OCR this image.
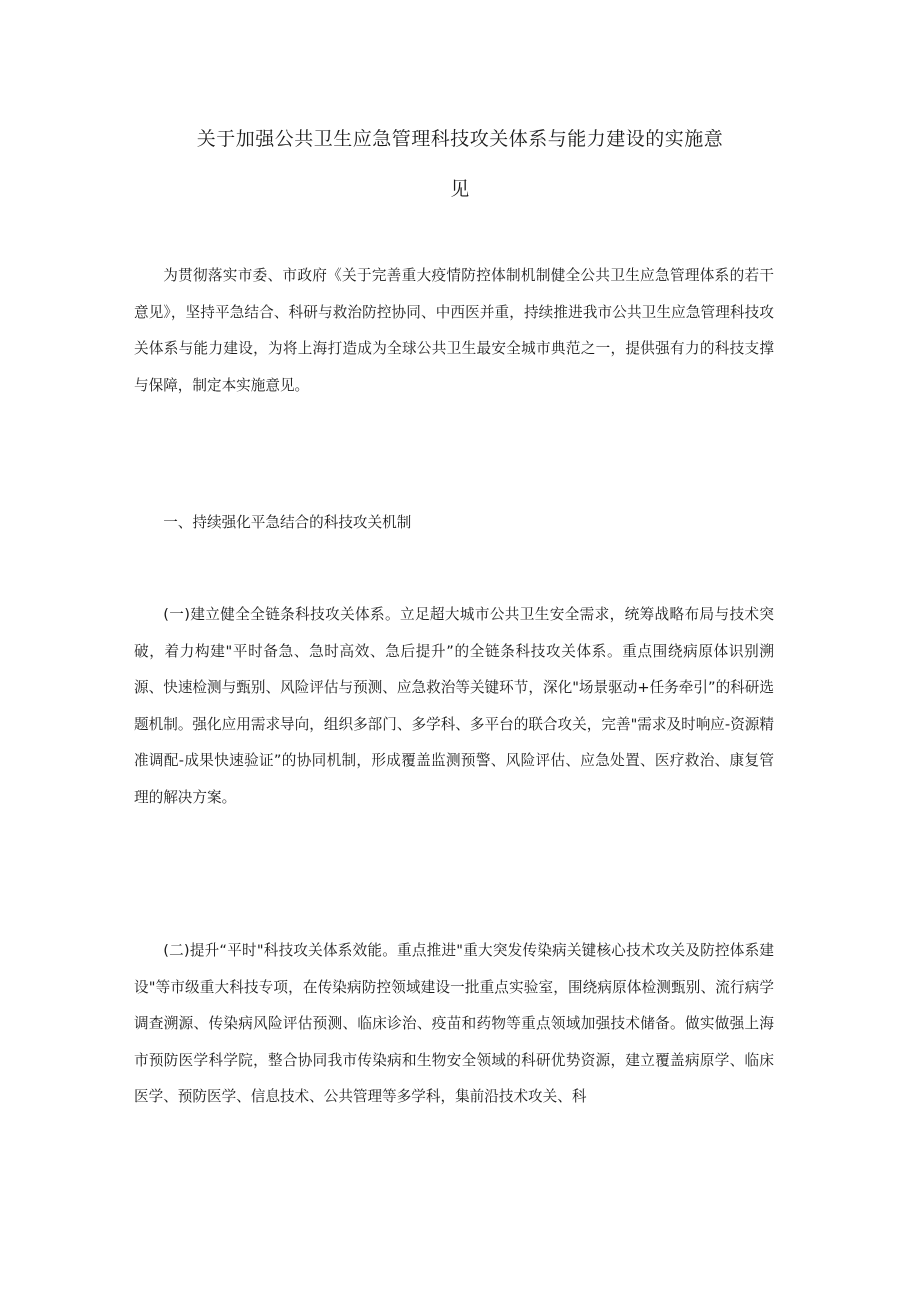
关于加强公共卫生应急管理科技攻关体系与能力建设的实施意
见

为贯彻落实市委、市政府《关于完善重大疫情防控体制机制健全公共卫生应急管理体系的若干意见》，坚持平急结合、科研与救治防控协同、中西医并重，持续推进我市公共卫生应急管理科技攻关体系与能力建设，为将上海打造成为全球公共卫生最安全城市典范之一，提供强有力的科技支撑与保障，制定本实施意见。

一、持续强化平急结合的科技攻关机制

(一)建立健全全链条科技攻关体系。立足超大城市公共卫生安全需求，统筹战略布局与技术突破，着力构建"平时备急、急时高效、急后提升”的全链条科技攻关体系。重点围绕病原体识别溯源、快速检测与甄别、风险评估与预测、应急救治等关键环节，深化"场景驱动+任务牵引”的科研选题机制。强化应用需求导向，组织多部门、多学科、多平台的联合攻关，完善"需求及时响应-资源精准调配-成果快速验证”的协同机制，形成覆盖监测预警、风险评估、应急处置、医疗救治、康复管理的解决方案。

(二)提升“平时"科技攻关体系效能。重点推进"重大突发传染病关键核心技术攻关及防控体系建设"等市级重大科技专项，在传染病防控领域建设一批重点实验室，围绕病原体检测甄别、流行病学调查溯源、传染病风险评估预测、临床诊治、疫苗和药物等重点领域加强技术储备。做实做强上海市预防医学科学院，整合协同我市传染病和生物安全领域的科研优势资源，建立覆盖病原学、临床医学、预防医学、信息技术、公共管理等多学科，集前沿技术攻关、科
